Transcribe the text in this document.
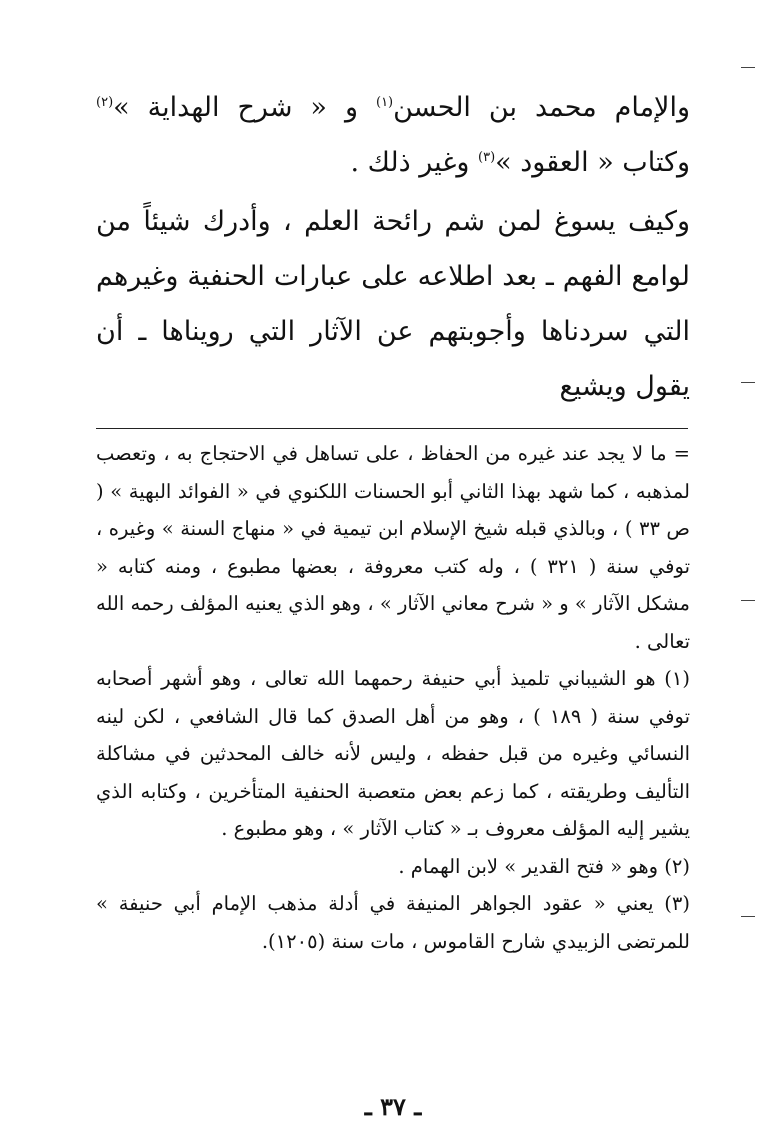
والإمام محمد بن الحسن$^{(١)}$ و « شرح الهداية »$^{(٢)}$ وكتاب « العقود »$^{(٣)}$ وغير ذلك .

وكيف يسوغ لمن شم رائحة العلم ، وأدرك شيئاً من لوامع الفهم ـ بعد اطلاعه على عبارات الحنفية وغيرهم التي سردناها وأجوبتهم عن الآثار التي رويناها ـ أن يقول ويشيع

= ما لا يجد عند غيره من الحفاظ ، على تساهل في الاحتجاج به ، وتعصب لمذهبه ، كما شهد بهذا الثاني أبو الحسنات اللكنوي في « الفوائد البهية » ( ص ٣٣ ) ، وبالذي قبله شيخ الإسلام ابن تيمية في « منهاج السنة » وغيره ، توفي سنة ( ٣٢١ ) ، وله كتب معروفة ، بعضها مطبوع ، ومنه كتابه « مشكل الآثار » و « شرح معاني الآثار » ، وهو الذي يعنيه المؤلف رحمه الله تعالى .

(١) هو الشيباني تلميذ أبي حنيفة رحمهما الله تعالى ، وهو أشهر أصحابه توفي سنة ( ١٨٩ ) ، وهو من أهل الصدق كما قال الشافعي ، لكن لينه النسائي وغيره من قبل حفظه ، وليس لأنه خالف المحدثين في مشاكلة التأليف وطريقته ، كما زعم بعض متعصبة الحنفية المتأخرين ، وكتابه الذي يشير إليه المؤلف معروف بـ « كتاب الآثار » ، وهو مطبوع .

(٢) وهو « فتح القدير » لابن الهمام .

(٣) يعني « عقود الجواهر المنيفة في أدلة مذهب الإمام أبي حنيفة » للمرتضى الزبيدي شارح القاموس ، مات سنة (١٢٠٥).

ـ ٣٧ ـ
